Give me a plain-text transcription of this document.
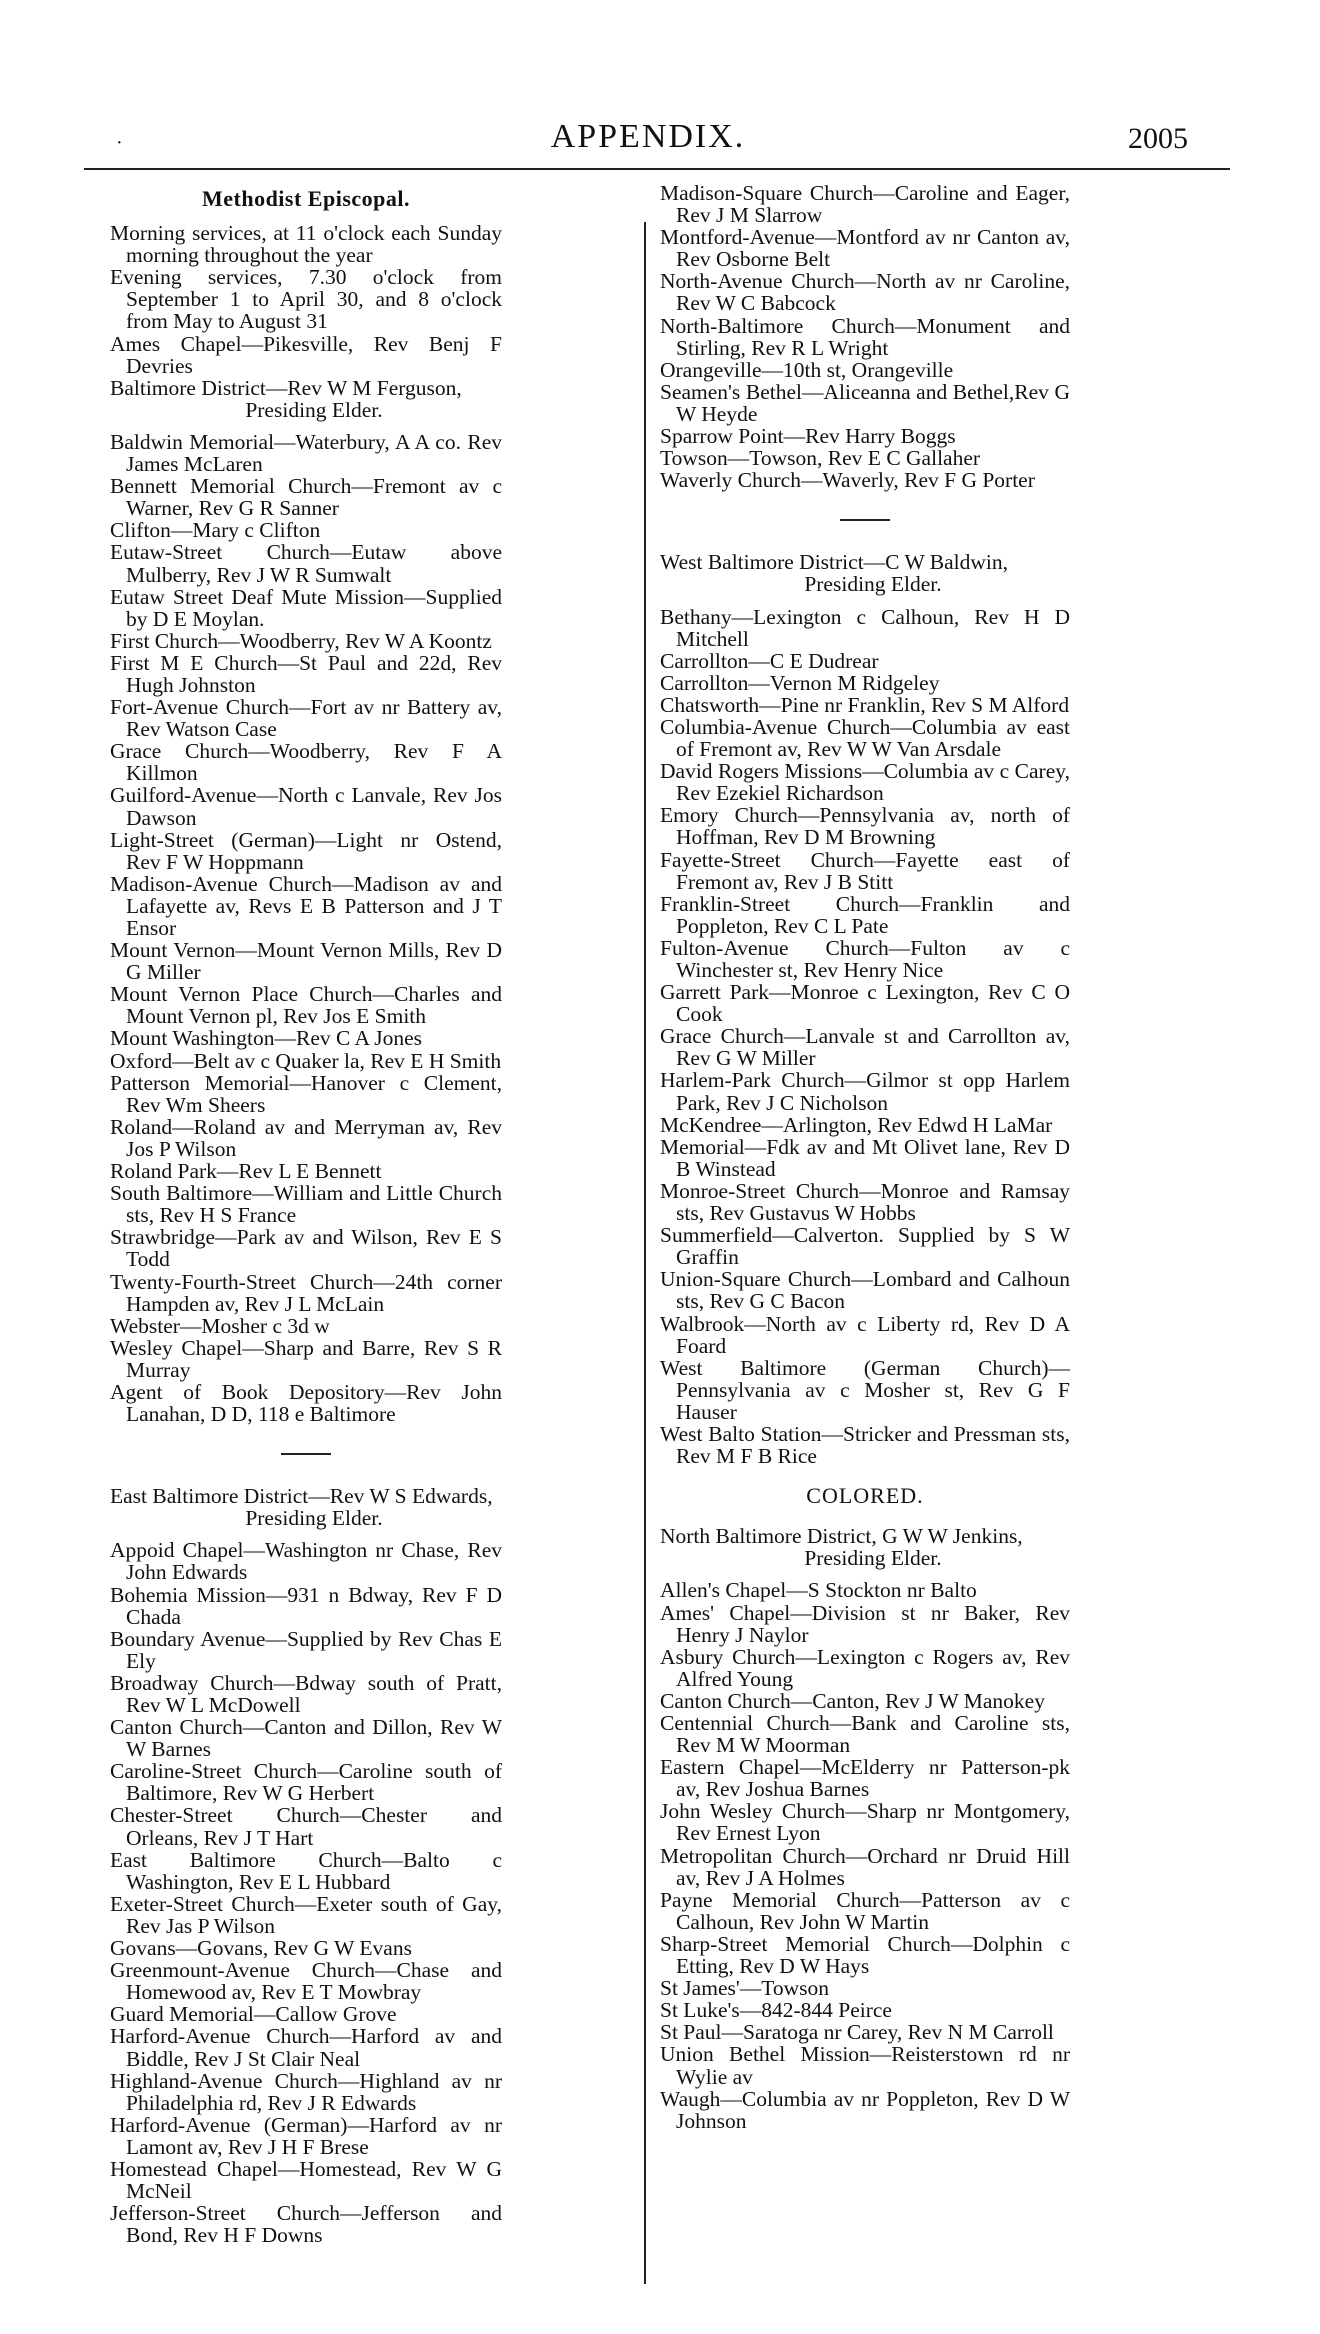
·	APPENDIX.	2005
Methodist Episcopal.

Morning services, at 11 o'clock each Sunday morning throughout the year

Evening services, 7.30 o'clock from September 1 to April 30, and 8 o'clock from May to August 31

Ames Chapel—Pikesville, Rev Benj F Devries

Baltimore District—Rev W M Ferguson,
Presiding Elder.

Baldwin Memorial—Waterbury, A A co. Rev James McLaren

Bennett Memorial Church—Fremont av c Warner, Rev G R Sanner

Clifton—Mary c Clifton

Eutaw-Street Church—Eutaw above Mulberry, Rev J W R Sumwalt

Eutaw Street Deaf Mute Mission—Supplied by D E Moylan.

First Church—Woodberry, Rev W A Koontz

First M E Church—St Paul and 22d, Rev Hugh Johnston

Fort-Avenue Church—Fort av nr Battery av, Rev Watson Case

Grace Church—Woodberry, Rev F A Killmon

Guilford-Avenue—North c Lanvale, Rev Jos Dawson

Light-Street (German)—Light nr Ostend, Rev F W Hoppmann

Madison-Avenue Church—Madison av and Lafayette av, Revs E B Patterson and J T Ensor

Mount Vernon—Mount Vernon Mills, Rev D G Miller

Mount Vernon Place Church—Charles and Mount Vernon pl, Rev Jos E Smith

Mount Washington—Rev C A Jones

Oxford—Belt av c Quaker la, Rev E H Smith

Patterson Memorial—Hanover c Clement, Rev Wm Sheers

Roland—Roland av and Merryman av, Rev Jos P Wilson

Roland Park—Rev L E Bennett

South Baltimore—William and Little Church sts, Rev H S France

Strawbridge—Park av and Wilson, Rev E S Todd

Twenty-Fourth-Street Church—24th corner Hampden av, Rev J L McLain

Webster—Mosher c 3d w

Wesley Chapel—Sharp and Barre, Rev S R Murray

Agent of Book Depository—Rev John Lanahan, D D, 118 e Baltimore

East Baltimore District—Rev W S Edwards,
Presiding Elder.

Appoid Chapel—Washington nr Chase, Rev John Edwards

Bohemia Mission—931 n Bdway, Rev F D Chada

Boundary Avenue—Supplied by Rev Chas E Ely

Broadway Church—Bdway south of Pratt, Rev W L McDowell

Canton Church—Canton and Dillon, Rev W W Barnes

Caroline-Street Church—Caroline south of Baltimore, Rev W G Herbert

Chester-Street Church—Chester and Orleans, Rev J T Hart

East Baltimore Church—Balto c Washington, Rev E L Hubbard

Exeter-Street Church—Exeter south of Gay, Rev Jas P Wilson

Govans—Govans, Rev G W Evans

Greenmount-Avenue Church—Chase and Homewood av, Rev E T Mowbray

Guard Memorial—Callow Grove

Harford-Avenue Church—Harford av and Biddle, Rev J St Clair Neal

Highland-Avenue Church—Highland av nr Philadelphia rd, Rev J R Edwards

Harford-Avenue (German)—Harford av nr Lamont av, Rev J H F Brese

Homestead Chapel—Homestead, Rev W G McNeil

Jefferson-Street Church—Jefferson and Bond, Rev H F Downs

Madison-Square Church—Caroline and Eager, Rev J M Slarrow

Montford-Avenue—Montford av nr Canton av, Rev Osborne Belt

North-Avenue Church—North av nr Caroline, Rev W C Babcock

North-Baltimore Church—Monument and Stirling, Rev R L Wright

Orangeville—10th st, Orangeville

Seamen's Bethel—Aliceanna and Bethel,Rev G W Heyde

Sparrow Point—Rev Harry Boggs

Towson—Towson, Rev E C Gallaher

Waverly Church—Waverly, Rev F G Porter

West Baltimore District—C W Baldwin,
Presiding Elder.

Bethany—Lexington c Calhoun, Rev H D Mitchell

Carrollton—C E Dudrear

Carrollton—Vernon M Ridgeley

Chatsworth—Pine nr Franklin, Rev S M Alford

Columbia-Avenue Church—Columbia av east of Fremont av, Rev W W Van Arsdale

David Rogers Missions—Columbia av c Carey, Rev Ezekiel Richardson

Emory Church—Pennsylvania av, north of Hoffman, Rev D M Browning

Fayette-Street Church—Fayette east of Fremont av, Rev J B Stitt

Franklin-Street Church—Franklin and Poppleton, Rev C L Pate

Fulton-Avenue Church—Fulton av c Winchester st, Rev Henry Nice

Garrett Park—Monroe c Lexington, Rev C O Cook

Grace Church—Lanvale st and Carrollton av, Rev G W Miller

Harlem-Park Church—Gilmor st opp Harlem Park, Rev J C Nicholson

McKendree—Arlington, Rev Edwd H LaMar

Memorial—Fdk av and Mt Olivet lane, Rev D B Winstead

Monroe-Street Church—Monroe and Ramsay sts, Rev Gustavus W Hobbs

Summerfield—Calverton. Supplied by S W Graffin

Union-Square Church—Lombard and Calhoun sts, Rev G C Bacon

Walbrook—North av c Liberty rd, Rev D A Foard

West Baltimore (German Church)—Pennsylvania av c Mosher st, Rev G F Hauser

West Balto Station—Stricker and Pressman sts, Rev M F B Rice

COLORED.
North Baltimore District, G W W Jenkins,
Presiding Elder.

Allen's Chapel—S Stockton nr Balto

Ames' Chapel—Division st nr Baker, Rev Henry J Naylor

Asbury Church—Lexington c Rogers av, Rev Alfred Young

Canton Church—Canton, Rev J W Manokey

Centennial Church—Bank and Caroline sts, Rev M W Moorman

Eastern Chapel—McElderry nr Patterson-pk av, Rev Joshua Barnes

John Wesley Church—Sharp nr Montgomery, Rev Ernest Lyon

Metropolitan Church—Orchard nr Druid Hill av, Rev J A Holmes

Payne Memorial Church—Patterson av c Calhoun, Rev John W Martin

Sharp-Street Memorial Church—Dolphin c Etting, Rev D W Hays

St James'—Towson

St Luke's—842-844 Peirce

St Paul—Saratoga nr Carey, Rev N M Carroll

Union Bethel Mission—Reisterstown rd nr Wylie av

Waugh—Columbia av nr Poppleton, Rev D W Johnson
